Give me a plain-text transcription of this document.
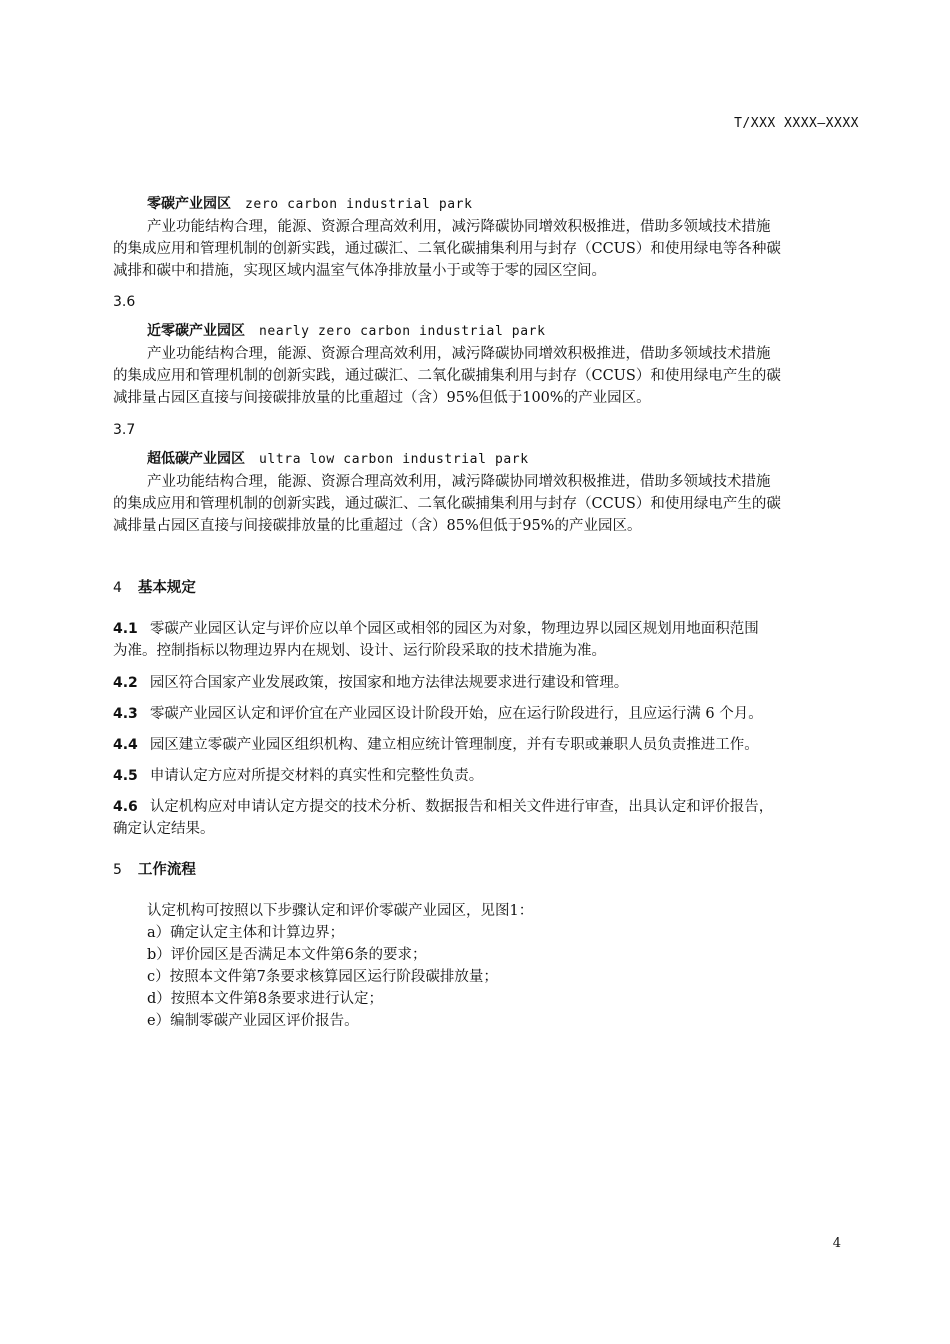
T/XXX XXXX—XXXX
零碳产业园区 zero carbon industrial park
产业功能结构合理，能源、资源合理高效利用，减污降碳协同增效积极推进，借助多领域技术措施
的集成应用和管理机制的创新实践，通过碳汇、二氧化碳捕集利用与封存（CCUS）和使用绿电等各种碳
减排和碳中和措施，实现区域内温室气体净排放量小于或等于零的园区空间。
3.6
近零碳产业园区 nearly zero carbon industrial park
产业功能结构合理，能源、资源合理高效利用，减污降碳协同增效积极推进，借助多领域技术措施
的集成应用和管理机制的创新实践，通过碳汇、二氧化碳捕集利用与封存（CCUS）和使用绿电产生的碳
减排量占园区直接与间接碳排放量的比重超过（含）95%但低于100%的产业园区。
3.7
超低碳产业园区 ultra low carbon industrial park
产业功能结构合理，能源、资源合理高效利用，减污降碳协同增效积极推进，借助多领域技术措施
的集成应用和管理机制的创新实践，通过碳汇、二氧化碳捕集利用与封存（CCUS）和使用绿电产生的碳
减排量占园区直接与间接碳排放量的比重超过（含）85%但低于95%的产业园区。
4 基本规定
4.1 零碳产业园区认定与评价应以单个园区或相邻的园区为对象，物理边界以园区规划用地面积范围
为准。控制指标以物理边界内在规划、设计、运行阶段采取的技术措施为准。
4.2 园区符合国家产业发展政策，按国家和地方法律法规要求进行建设和管理。
4.3 零碳产业园区认定和评价宜在产业园区设计阶段开始，应在运行阶段进行，且应运行满 6 个月。
4.4 园区建立零碳产业园区组织机构、建立相应统计管理制度，并有专职或兼职人员负责推进工作。
4.5 申请认定方应对所提交材料的真实性和完整性负责。
4.6 认定机构应对申请认定方提交的技术分析、数据报告和相关文件进行审查，出具认定和评价报告，
确定认定结果。
5 工作流程
认定机构可按照以下步骤认定和评价零碳产业园区，见图1：
a）确定认定主体和计算边界；
b）评价园区是否满足本文件第6条的要求；
c）按照本文件第7条要求核算园区运行阶段碳排放量；
d）按照本文件第8条要求进行认定；
e）编制零碳产业园区评价报告。
4
